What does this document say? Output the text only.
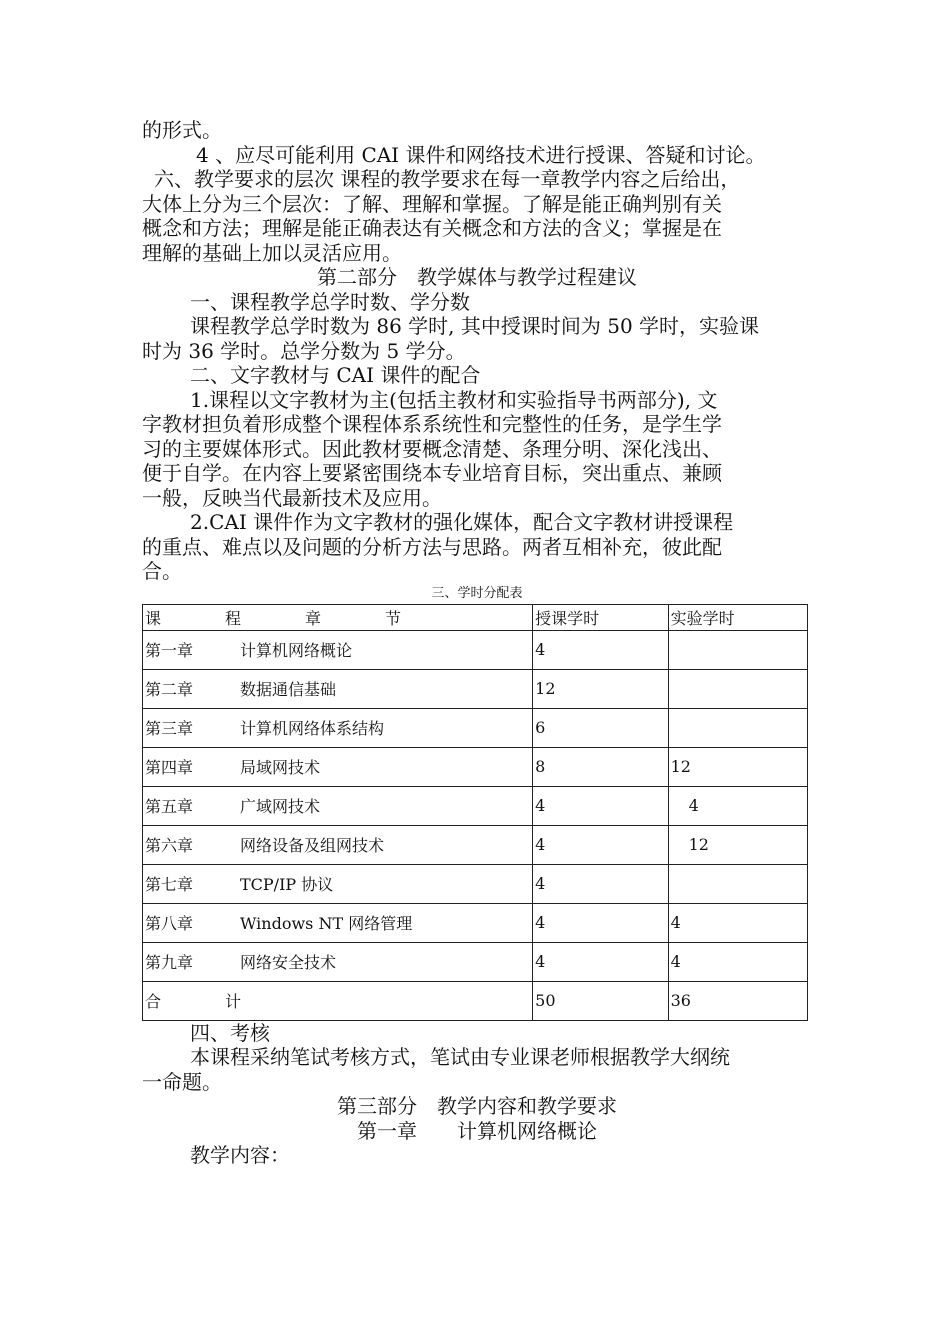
的形式。

4 、应尽可能利用 CAI 课件和网络技术进行授课、答疑和讨论。

六、教学要求的层次 课程的教学要求在每一章教学内容之后给出，

大体上分为三个层次：了解、理解和掌握。了解是能正确判别有关

概念和方法；理解是能正确表达有关概念和方法的含义；掌握是在

理解的基础上加以灵活应用。

第二部分　教学媒体与教学过程建议

一、课程教学总学时数、学分数

课程教学总学时数为 86 学时, 其中授课时间为 50 学时，实验课

时为 36 学时。总学分数为 5 学分。

二、文字教材与 CAI 课件的配合

1.课程以文字教材为主(包括主教材和实验指导书两部分), 文

字教材担负着形成整个课程体系系统性和完整性的任务，是学生学

习的主要媒体形式。因此教材要概念清楚、条理分明、深化浅出、

便于自学。在内容上要紧密围绕本专业培育目标，突出重点、兼顾

一般，反映当代最新技术及应用。

2.CAI 课件作为文字教材的强化媒体，配合文字教材讲授课程

的重点、难点以及问题的分析方法与思路。两者互相补充，彼此配

合。

三、学时分配表
课　　　　程　　　　章　　　　节	授课学时	实验学时
第一章 计算机网络概论	4	
第二章 数据通信基础	12	
第三章 计算机网络体系结构	6	
第四章 局域网技术	8	12
第五章 广域网技术	4	4
第六章 网络设备及组网技术	4	12
第七章 TCP/IP 协议	4	
第八章 Windows NT 网络管理	4	4
第九章 网络安全技术	4	4
合　　　　计	50	36

四、考核

本课程采纳笔试考核方式，笔试由专业课老师根据教学大纲统

一命题。

第三部分　教学内容和教学要求

第一章　　计算机网络概论

教学内容：
